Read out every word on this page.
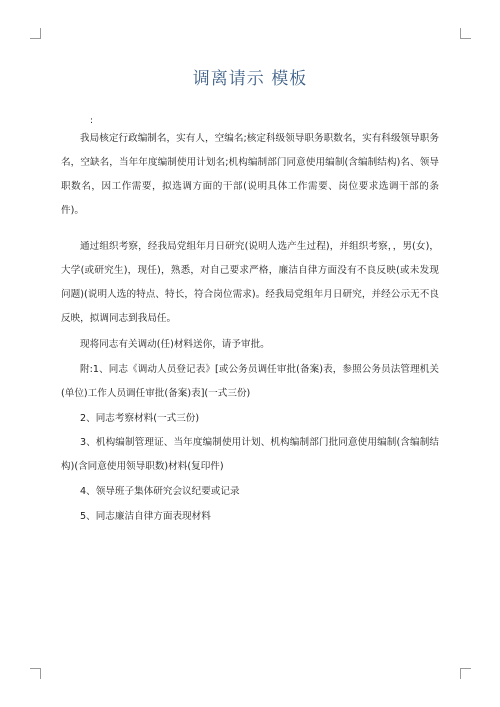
调离请示 模板
:

我局核定行政编制名，实有人，空编名;核定科级领导职务职数名，实有科级领导职务名，空缺名，当年年度编制使用计划名;机构编制部门同意使用编制(含编制结构)名、领导职数名，因工作需要，拟选调方面的干部(说明具体工作需要、岗位要求选调干部的条件)。

通过组织考察，经我局党组年月日研究(说明人选产生过程)，并组织考察，，男(女)，大学(或研究生)，现任)，熟悉，对自己要求严格，廉洁自律方面没有不良反映(或未发现问题)(说明人选的特点、特长，符合岗位需求)。经我局党组年月日研究，并经公示无不良反映，拟调同志到我局任。

现将同志有关调动(任)材料送你，请予审批。

附:1、同志《调动人员登记表》[或公务员调任审批(备案)表，参照公务员法管理机关(单位)工作人员调任审批(备案)表](一式三份)

2、同志考察材料(一式三份)

3、机构编制管理证、当年度编制使用计划、机构编制部门批同意使用编制(含编制结构)(含同意使用领导职数)材料(复印件)

4、领导班子集体研究会议纪要或记录

5、同志廉洁自律方面表现材料
